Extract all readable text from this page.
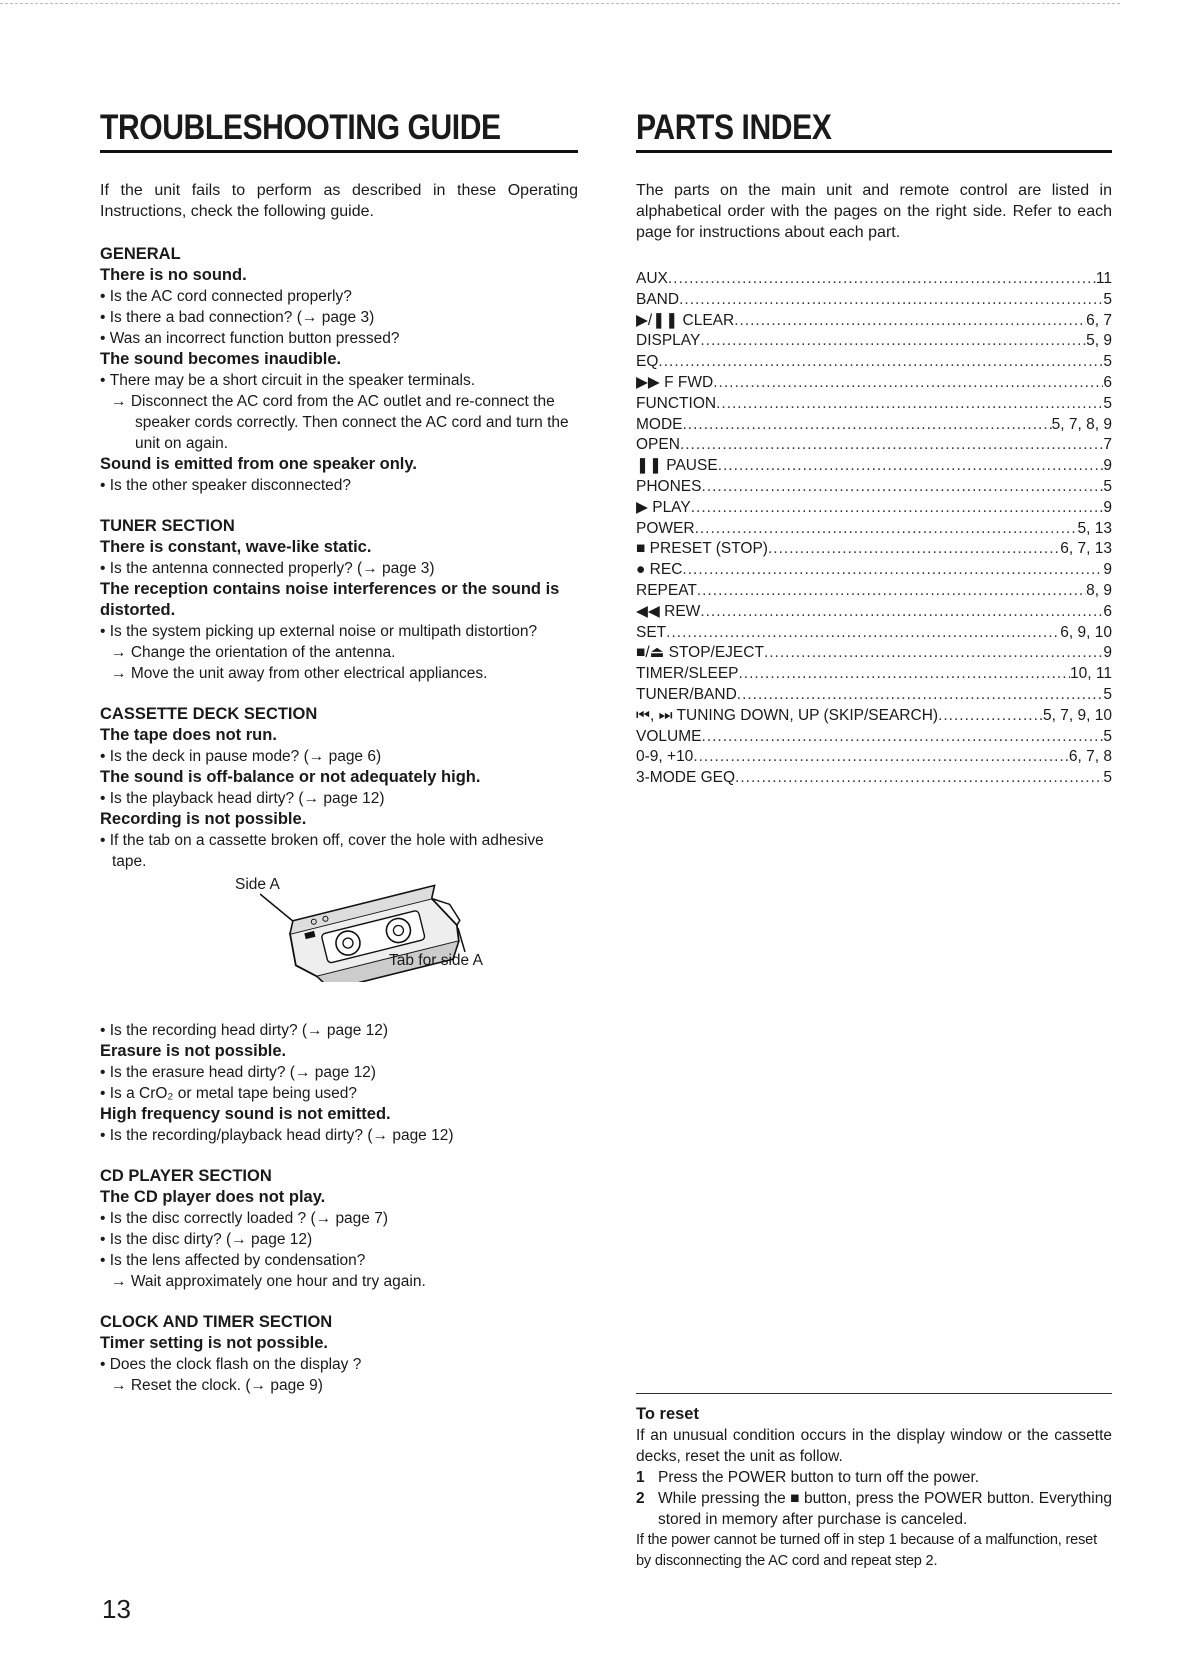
TROUBLESHOOTING GUIDE

If the unit fails to perform as described in these Operating Instructions, check the following guide.

GENERAL
There is no sound.
• Is the AC cord connected properly?
• Is there a bad connection? (→ page 3)
• Was an incorrect function button pressed?
The sound becomes inaudible.
• There may be a short circuit in the speaker terminals.
→ Disconnect the AC cord from the AC outlet and re-connect the speaker cords correctly. Then connect the AC cord and turn the unit on again.
Sound is emitted from one speaker only.
• Is the other speaker disconnected?
TUNER SECTION
There is constant, wave-like static.
• Is the antenna connected properly? (→ page 3)
The reception contains noise interferences or the sound is distorted.
• Is the system picking up external noise or multipath distortion?
→ Change the orientation of the antenna.
→ Move the unit away from other electrical appliances.
CASSETTE DECK SECTION
The tape does not run.
• Is the deck in pause mode? (→ page 6)
The sound is off-balance or not adequately high.
• Is the playback head dirty? (→ page 12)
Recording is not possible.
• If the tab on a cassette broken off, cover the hole with adhesive tape.
Side A
Tab for side A
• Is the recording head dirty? (→ page 12)
Erasure is not possible.
• Is the erasure head dirty? (→ page 12)
• Is a CrO₂ or metal tape being used?
High frequency sound is not emitted.
• Is the recording/playback head dirty? (→ page 12)
CD PLAYER SECTION
The CD player does not play.
• Is the disc correctly loaded ? (→ page 7)
• Is the disc dirty? (→ page 12)
• Is the lens affected by condensation?
→ Wait approximately one hour and try again.
CLOCK AND TIMER SECTION
Timer setting is not possible.
• Does the clock flash on the display ?
→ Reset the clock. (→ page 9)
PARTS INDEX

The parts on the main unit and remote control are listed in alphabetical order with the pages on the right side. Refer to each page for instructions about each part.

AUX .....	11
BAND .....	5
▶/❚❚ CLEAR .....	6, 7
DISPLAY .....	5, 9
EQ .....	5
▶▶ F FWD .....	6
FUNCTION .....	5
MODE .....	5, 7, 8, 9
OPEN .....	7
❚❚ PAUSE .....	9
PHONES .....	5
▶ PLAY .....	9
POWER .....	5, 13
■ PRESET (STOP) .....	6, 7, 13
● REC .....	9
REPEAT .....	8, 9
◀◀ REW .....	6
SET .....	6, 9, 10
■/⏏ STOP/EJECT .....	9
TIMER/SLEEP .....	10, 11
TUNER/BAND .....	5
⏮, ⏭ TUNING DOWN, UP (SKIP/SEARCH) .....	5, 7, 9, 10
VOLUME .....	5
0-9, +10 .....	6, 7, 8
3-MODE GEQ .....	5
To reset
If an unusual condition occurs in the display window or the cassette decks, reset the unit as follow.
1 Press the POWER button to turn off the power.
2 While pressing the ■ button, press the POWER button. Everything stored in memory after purchase is canceled.
If the power cannot be turned off in step 1 because of a malfunction, reset by disconnecting the AC cord and repeat step 2.
13
